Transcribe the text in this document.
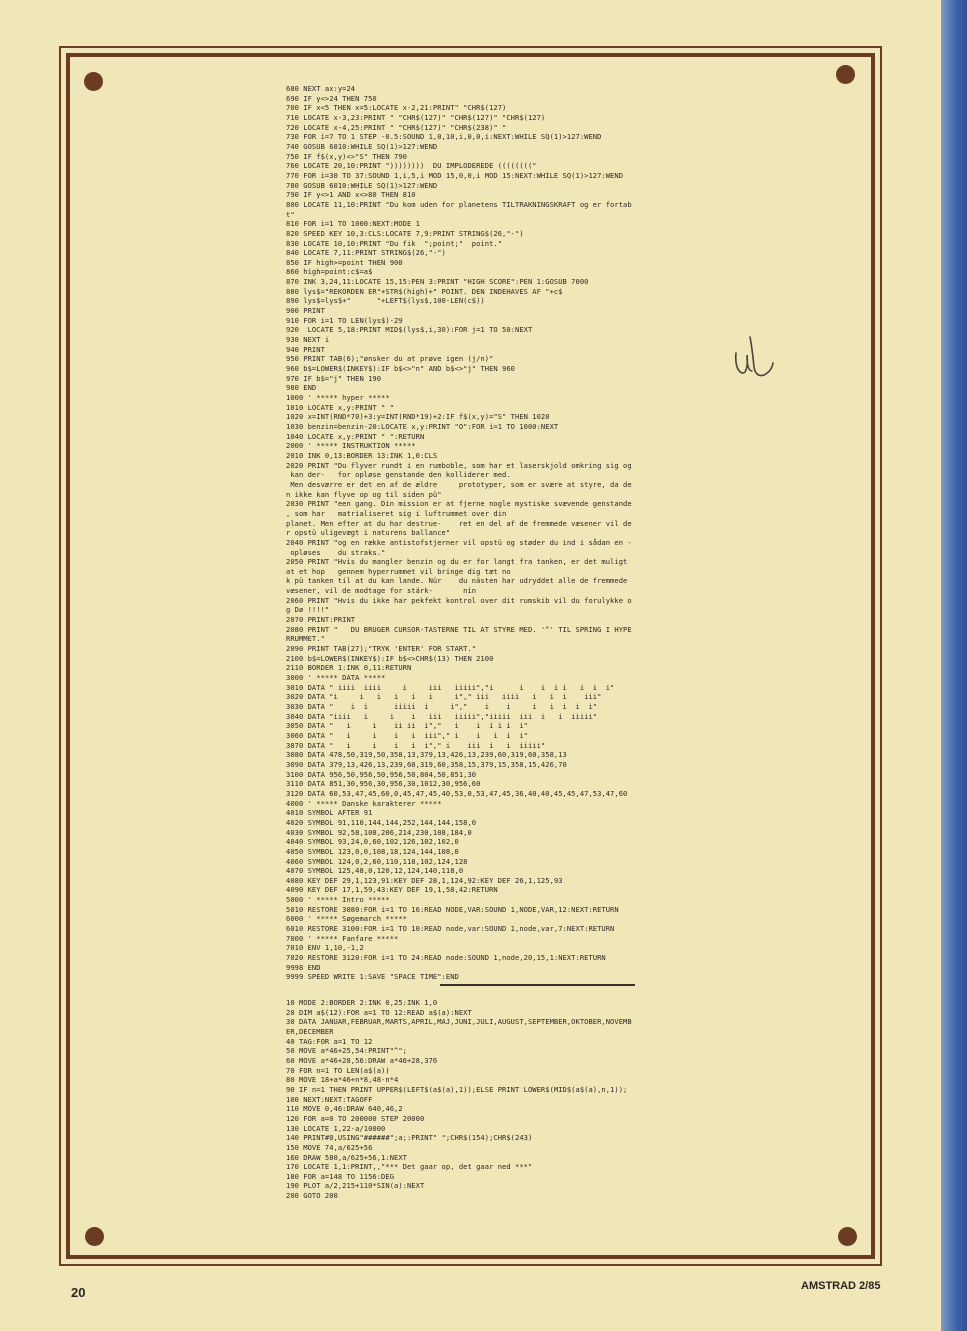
680 NEXT ax:y=24
690 IF y<>24 THEN 750
700 IF x<5 THEN x=5:LOCATE x-2,21:PRINT" "CHR$(127)
710 LOCATE x-3,23:PRINT " "CHR$(127)" "CHR$(127)" "CHR$(127)
720 LOCATE x-4,25:PRINT " "CHR$(127)" "CHR$(238)" "
730 FOR i=7 TO 1 STEP -0.5:SOUND 1,0,10,i,0,0,i:NEXT:WHILE SQ(1)>127:WEND
740 GOSUB 6010:WHILE SQ(1)>127:WEND
750 IF f$(x,y)<>"S" THEN 790
760 LOCATE 20,10:PRINT "))))))))  DU IMPLODEREDE (((((((("
770 FOR i=30 TO 37:SOUND 1,i,5,i MOD 15,0,0,i MOD 15:NEXT:WHILE SQ(1)>127:WEND
780 GOSUB 6010:WHILE SQ(1)>127:WEND
790 IF y<>1 AND x<>80 THEN 810
800 LOCATE 11,10:PRINT "Du kom uden for planetens TILTRAKNINGSKRAFT og er fortab
t"
810 FOR i=1 TO 1000:NEXT:MODE 1
820 SPEED KEY 10,3:CLS:LOCATE 7,9:PRINT STRING$(26,"-")
830 LOCATE 10,10:PRINT "Du fik  ";point;"  point."
840 LOCATE 7,11:PRINT STRING$(26,"-")
850 IF high>=point THEN 900
860 high=point:c$=a$
870 INK 3,24,11:LOCATE 15,15:PEN 3:PRINT "HIGH SCORE":PEN 1:GOSUB 7000
880 lys$="REKORDEN ER"+STR$(high)+" POINT. DEN INDEHAVES AF "+c$
890 lys$=lys$+"      "+LEFT$(lys$,100-LEN(c$))
900 PRINT
910 FOR i=1 TO LEN(lys$)-29
920  LOCATE 5,18:PRINT MID$(lys$,i,30):FOR j=1 TO 50:NEXT
930 NEXT i
940 PRINT
950 PRINT TAB(6);"ønsker du at prøve igen (j/n)"
960 b$=LOWER$(INKEY$):IF b$<>"n" AND b$<>"j" THEN 960
970 IF b$="j" THEN 190
980 END
1000 ' ***** hyper *****
1010 LOCATE x,y:PRINT " "
1020 x=INT(RND*70)+3:y=INT(RND*19)+2:IF f$(x,y)="S" THEN 1020
1030 benzin=benzin-20:LOCATE x,y:PRINT "O":FOR i=1 TO 1000:NEXT
1040 LOCATE x,y:PRINT " ":RETURN
2000 ' ***** INSTRUKTION *****
2010 INK 0,13:BORDER 13:INK 1,0:CLS
2020 PRINT "Du flyver rundt i en rumboble, som har et laserskjold omkring sig og
kan der-   for opløse genstande den kolliderer med.
Men desværre er det en af de ældre     prototyper, som er svære at styre, da de
n ikke kan flyve op og til siden pü"
2030 PRINT "een gang. Din mission er at fjerne nogle mystiske svævende genstande
, som har   matrialiseret sig i luftrummet over din
planet. Men efter at du har destrue-    ret en del af de fremmede væsener vil de
r opstü uligevægt i naturens ballance"
2040 PRINT "og en række antistofstjerner vil opstü og støder du ind i sådan en -
opløses    du straks."
2050 PRINT "Hvis du mangler benzin og du er for langt fra tanken, er det muligt
at et hop   gennem hyperrummet vil bringe dig tæt no
k pü tanken til at du kan lande. Nür    du nästen har udryddet alle de fremmede
væsener, vil de modtage for stärk-       nin
2060 PRINT "Hvis du ikke har pekfekt kontrol over dit rumskib vil du forulykke o
g Dø !!!!"
2070 PRINT:PRINT
2080 PRINT "   DU BRUGER CURSOR-TASTERNE TIL AT STYRE MED. '^' TIL SPRING I HYPE
RRUMMET."
2090 PRINT TAB(27);"TRYK 'ENTER' FOR START."
2100 b$=LOWER$(INKEY$):IF b$<>CHR$(13) THEN 2100
2110 BORDER 1:INK 0,11:RETURN
3000 ' ***** DATA *****
3010 DATA " iiii  iiii     i     iii   iiiii","i      i    i  i i   i  i  i"
3020 DATA "i     i   i   i   i   i     i"," iii   iiii   i   i  i    iii"
3030 DATA "    i  i      iiiii  i     i","    i    i     i   i  i  i  i"
3040 DATA "iiii   i     i    i   iii   iiiii","iiiii  iii  i   i  iiiii"
3050 DATA "   i     i    ii ii  i","   i    i  i i i  i"
3060 DATA "   i     i    i   i  iii"," i    i   i  i  i"
3070 DATA "   i     i    i   i  i"," i    iii  i   i  iiiii"
3080 DATA 478,50,319,50,358,13,379,13,426,13,239,60,319,60,358,13
3090 DATA 379,13,426,13,239,60,319,60,358,15,379,15,358,15,426,70
3100 DATA 956,50,956,50,956,50,804,50,851,30
3110 DATA 851,30,956,30,956,30,1012,30,956,60
3120 DATA 60,53,47,45,60,0,45,47,45,40,53,0,53,47,45,36,40,40,45,45,47,53,47,60
4000 ' ***** Danske karakterer *****
4010 SYMBOL AFTER 91
4020 SYMBOL 91,110,144,144,252,144,144,158,0
4030 SYMBOL 92,58,108,206,214,230,108,184,0
4040 SYMBOL 93,24,0,60,102,126,102,102,0
4050 SYMBOL 123,0,0,108,18,124,144,108,0
4060 SYMBOL 124,0,2,60,110,118,102,124,128
4070 SYMBOL 125,48,0,120,12,124,140,118,0
4080 KEY DEF 29,1,123,91:KEY DEF 28,1,124,92:KEY DEF 26,1,125,93
4090 KEY DEF 17,1,59,43:KEY DEF 19,1,58,42:RETURN
5000 ' ***** Intro *****
5010 RESTORE 3080:FOR i=1 TO 16:READ NODE,VAR:SOUND 1,NODE,VAR,12:NEXT:RETURN
6000 ' ***** Søgemarch *****
6010 RESTORE 3100:FOR i=1 TO 10:READ node,var:SOUND 1,node,var,7:NEXT:RETURN
7000 ' ***** Fanfare *****
7010 ENV 1,10,-1,2
7020 RESTORE 3120:FOR i=1 TO 24:READ node:SOUND 1,node,20,15,1:NEXT:RETURN
9998 END
9999 SPEED WRITE 1:SAVE "SPACE TIME":END
10 MODE 2:BORDER 2:INK 0,25:INK 1,0
20 DIM a$(12):FOR a=1 TO 12:READ a$(a):NEXT
30 DATA JANUAR,FEBRUAR,MARTS,APRIL,MAJ,JUNI,JULI,AUGUST,SEPTEMBER,OKTOBER,NOVEMB
ER,DECEMBER
40 TAG:FOR a=1 TO 12
50 MOVE a*46+25,54:PRINT"^";
60 MOVE a*46+28,56:DRAW a*46+28,376
70 FOR n=1 TO LEN(a$(a))
80 MOVE 18+a*46+n*8,48-n*4
90 IF n=1 THEN PRINT UPPER$(LEFT$(a$(a),1));ELSE PRINT LOWER$(MID$(a$(a),n,1));
100 NEXT:NEXT:TAGOFF
110 MOVE 0,46:DRAW 640,46,2
120 FOR a=0 TO 200000 STEP 20000
130 LOCATE 1,22-a/10000
140 PRINT#0,USING"######";a;:PRINT" ";CHR$(154);CHR$(243)
150 MOVE 74,a/625+56
160 DRAW 580,a/625+56,1:NEXT
170 LOCATE 1,1:PRINT,,"*** Det gaar op, det gaar ned ***"
180 FOR a=148 TO 1156:DEG
190 PLOT a/2,215+110*SIN(a):NEXT
200 GOTO 200
20	AMSTRAD 2/85
